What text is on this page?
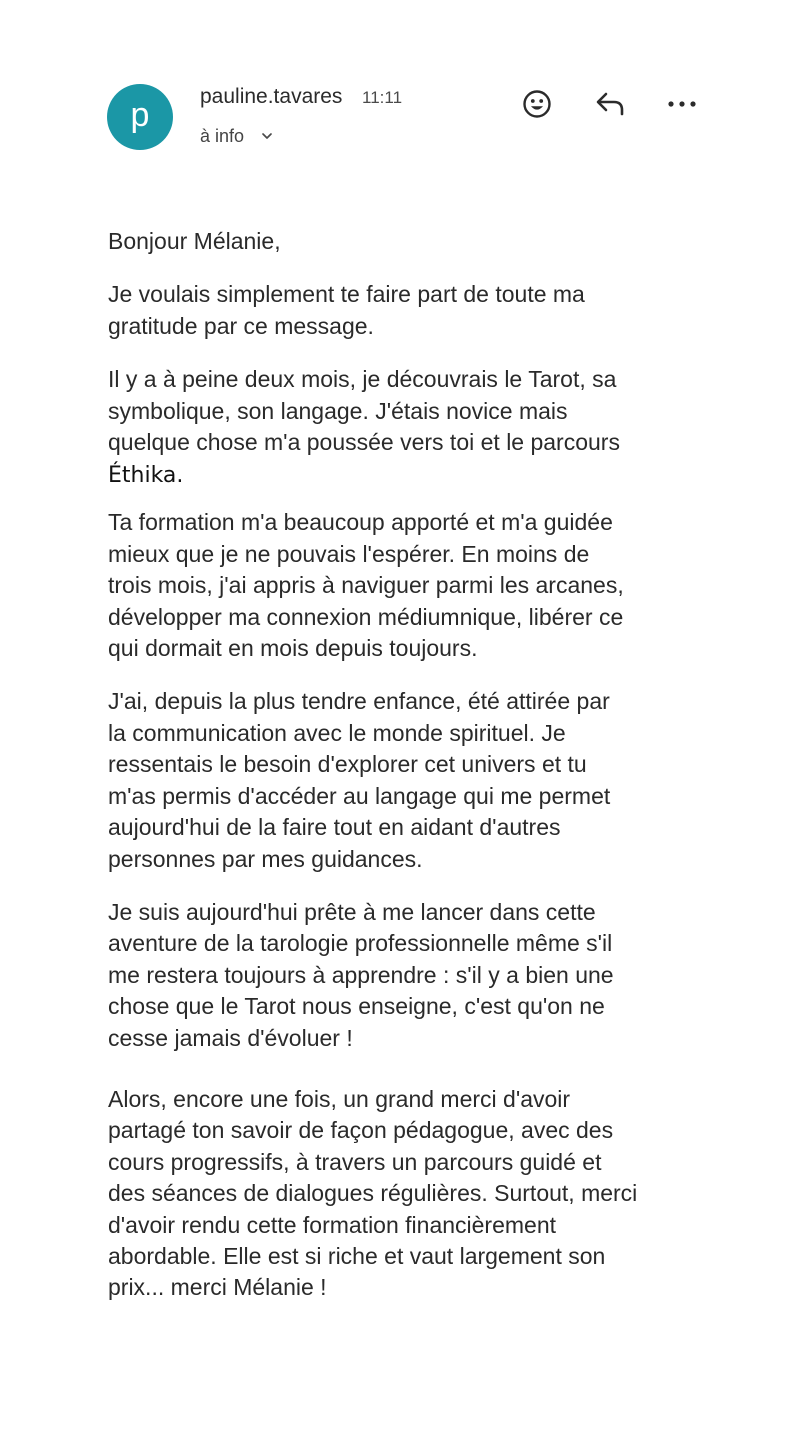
p	pauline.tavares 11:11
à info

Bonjour Mélanie,

Je voulais simplement te faire part de toute ma

gratitude par ce message.

Il y a à peine deux mois, je découvrais le Tarot, sa

symbolique, son langage. J'étais novice mais

quelque chose m'a poussée vers toi et le parcours

Éthika.

Ta formation m'a beaucoup apporté et m'a guidée

mieux que je ne pouvais l'espérer. En moins de

trois mois, j'ai appris à naviguer parmi les arcanes,

développer ma connexion médiumnique, libérer ce

qui dormait en mois depuis toujours.

J'ai, depuis la plus tendre enfance, été attirée par

la communication avec le monde spirituel. Je

ressentais le besoin d'explorer cet univers et tu

m'as permis d'accéder au langage qui me permet

aujourd'hui de la faire tout en aidant d'autres

personnes par mes guidances.

Je suis aujourd'hui prête à me lancer dans cette

aventure de la tarologie professionnelle même s'il

me restera toujours à apprendre : s'il y a bien une

chose que le Tarot nous enseigne, c'est qu'on ne

cesse jamais d'évoluer !

Alors, encore une fois, un grand merci d'avoir

partagé ton savoir de façon pédagogue, avec des

cours progressifs, à travers un parcours guidé et

des séances de dialogues régulières. Surtout, merci

d'avoir rendu cette formation financièrement

abordable. Elle est si riche et vaut largement son

prix... merci Mélanie !
